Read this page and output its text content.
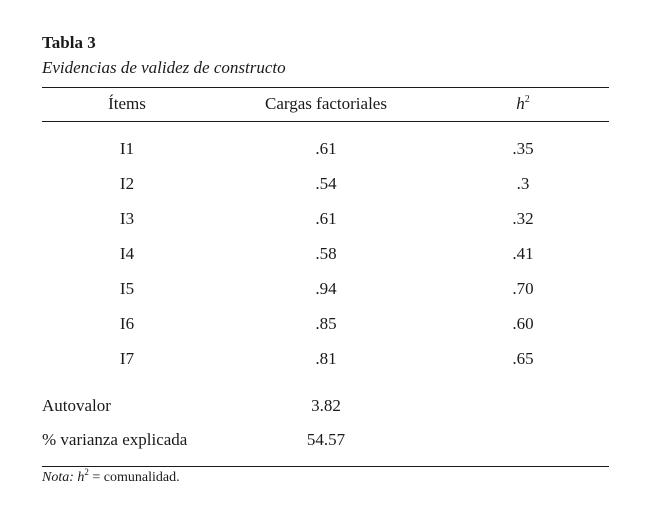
Tabla 3
Evidencias de validez de constructo
Ítems	Cargas factoriales	$h^2$
I1	.61	.35
I2	.54	.3
I3	.61	.32
I4	.58	.41
I5	.94	.70
I6	.85	.60
I7	.81	.65
Autovalor	3.82
% varianza explicada	54.57
Nota: $h^2$ = comunalidad.
